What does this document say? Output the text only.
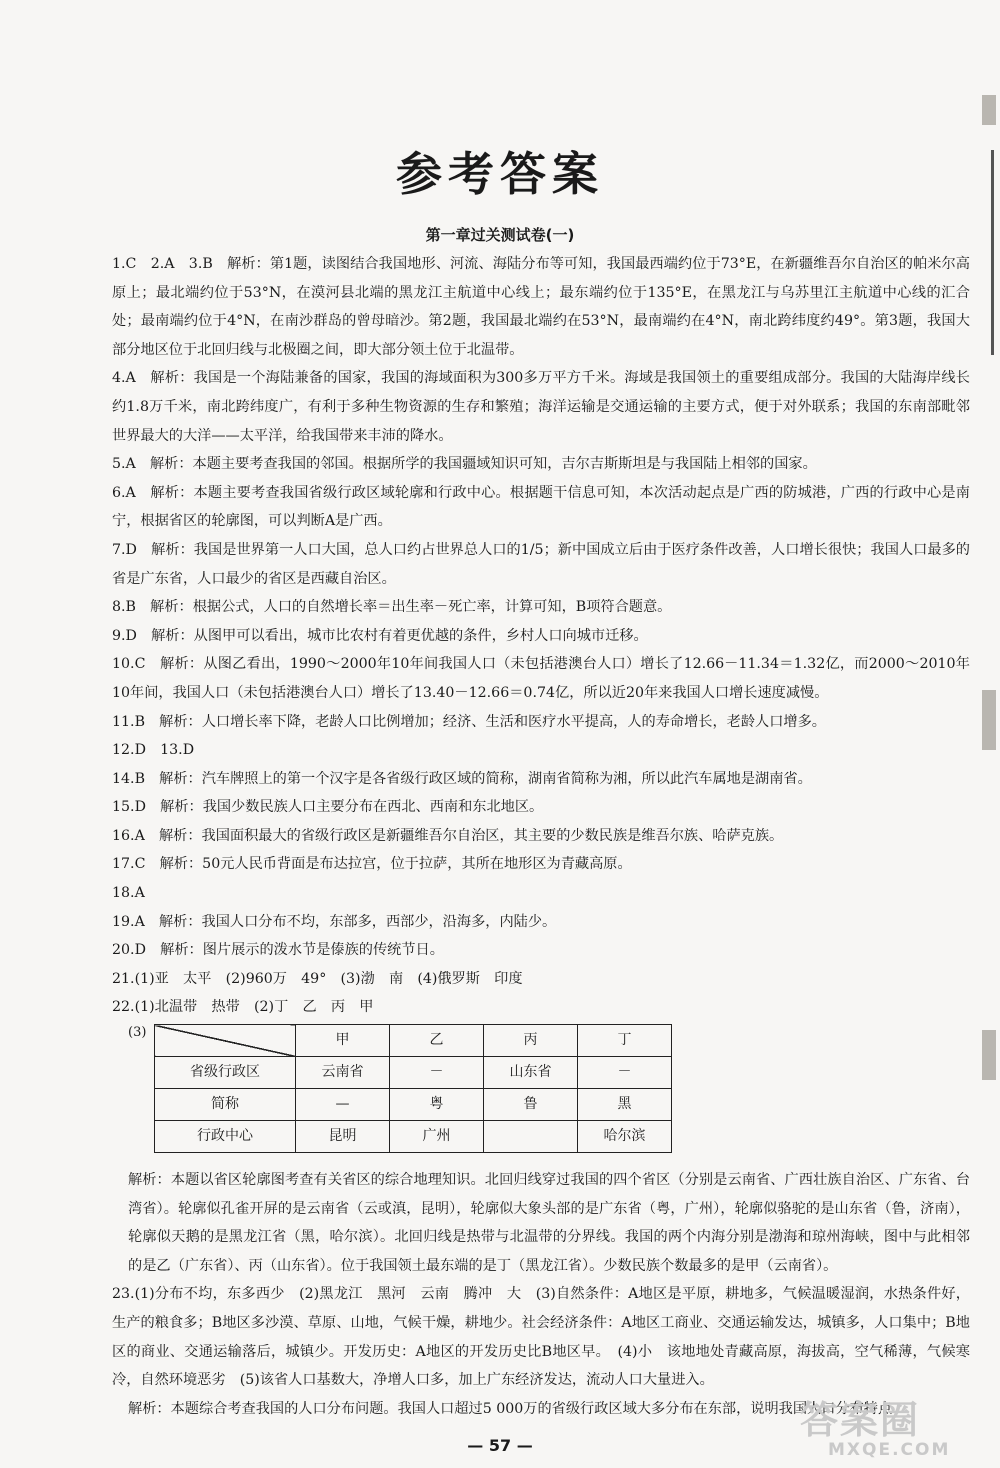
参考答案
第一章过关测试卷(一)

1.C　2.A　3.B　解析：第1题，读图结合我国地形、河流、海陆分布等可知，我国最西端约位于73°E，在新疆维吾尔自治区的帕米尔高原上；最北端约位于53°N，在漠河县北端的黑龙江主航道中心线上；最东端约位于135°E，在黑龙江与乌苏里江主航道中心线的汇合处；最南端约位于4°N，在南沙群岛的曾母暗沙。第2题，我国最北端约在53°N，最南端约在4°N，南北跨纬度约49°。第3题，我国大部分地区位于北回归线与北极圈之间，即大部分领土位于北温带。

4.A　解析：我国是一个海陆兼备的国家，我国的海域面积为300多万平方千米。海域是我国领土的重要组成部分。我国的大陆海岸线长约1.8万千米，南北跨纬度广，有利于多种生物资源的生存和繁殖；海洋运输是交通运输的主要方式，便于对外联系；我国的东南部毗邻世界最大的大洋——太平洋，给我国带来丰沛的降水。

5.A　解析：本题主要考查我国的邻国。根据所学的我国疆域知识可知，吉尔吉斯斯坦是与我国陆上相邻的国家。

6.A　解析：本题主要考查我国省级行政区域轮廓和行政中心。根据题干信息可知，本次活动起点是广西的防城港，广西的行政中心是南宁，根据省区的轮廓图，可以判断A是广西。

7.D　解析：我国是世界第一人口大国，总人口约占世界总人口的1/5；新中国成立后由于医疗条件改善，人口增长很快；我国人口最多的省是广东省，人口最少的省区是西藏自治区。

8.B　解析：根据公式，人口的自然增长率＝出生率－死亡率，计算可知，B项符合题意。

9.D　解析：从图甲可以看出，城市比农村有着更优越的条件，乡村人口向城市迁移。

10.C　解析：从图乙看出，1990～2000年10年间我国人口（未包括港澳台人口）增长了12.66－11.34＝1.32亿，而2000～2010年10年间，我国人口（未包括港澳台人口）增长了13.40－12.66＝0.74亿，所以近20年来我国人口增长速度减慢。

11.B　解析：人口增长率下降，老龄人口比例增加；经济、生活和医疗水平提高，人的寿命增长，老龄人口增多。

12.D　13.D

14.B　解析：汽车牌照上的第一个汉字是各省级行政区域的简称，湖南省简称为湘，所以此汽车属地是湖南省。

15.D　解析：我国少数民族人口主要分布在西北、西南和东北地区。

16.A　解析：我国面积最大的省级行政区是新疆维吾尔自治区，其主要的少数民族是维吾尔族、哈萨克族。

17.C　解析：50元人民币背面是布达拉宫，位于拉萨，其所在地形区为青藏高原。

18.A

19.A　解析：我国人口分布不均，东部多，西部少，沿海多，内陆少。

20.D　解析：图片展示的泼水节是傣族的传统节日。

21.(1)亚　太平　(2)960万　49°　(3)渤　南　(4)俄罗斯　印度

22.(1)北温带　热带　(2)丁　乙　丙　甲

(3)
		甲	乙	丙	丁
省级行政区	云南省	－	山东省	－
简称	—	粤	鲁	黑
行政中心	昆明	广州		哈尔滨

解析：本题以省区轮廓图考查有关省区的综合地理知识。北回归线穿过我国的四个省区（分别是云南省、广西壮族自治区、广东省、台湾省）。轮廓似孔雀开屏的是云南省（云或滇，昆明），轮廓似大象头部的是广东省（粤，广州），轮廓似骆驼的是山东省（鲁，济南），轮廓似天鹅的是黑龙江省（黑，哈尔滨）。北回归线是热带与北温带的分界线。我国的两个内海分别是渤海和琼州海峡，图中与此相邻的是乙（广东省）、丙（山东省）。位于我国领土最东端的是丁（黑龙江省）。少数民族个数最多的是甲（云南省）。

23.(1)分布不均，东多西少　(2)黑龙江　黑河　云南　腾冲　大　(3)自然条件：A地区是平原，耕地多，气候温暖湿润，水热条件好，生产的粮食多；B地区多沙漠、草原、山地，气候干燥，耕地少。社会经济条件：A地区工商业、交通运输发达，城镇多，人口集中；B地区的商业、交通运输落后，城镇少。开发历史：A地区的开发历史比B地区早。　(4)小　该地地处青藏高原，海拔高，空气稀薄，气候寒冷，自然环境恶劣　(5)该省人口基数大，净增人口多，加上广东经济发达，流动人口大量进入。

解析：本题综合考查我国的人口分布问题。我国人口超过5 000万的省级行政区域大多分布在东部，说明我国人口分布特点

— 57 —
答案圈
MXQE.COM
